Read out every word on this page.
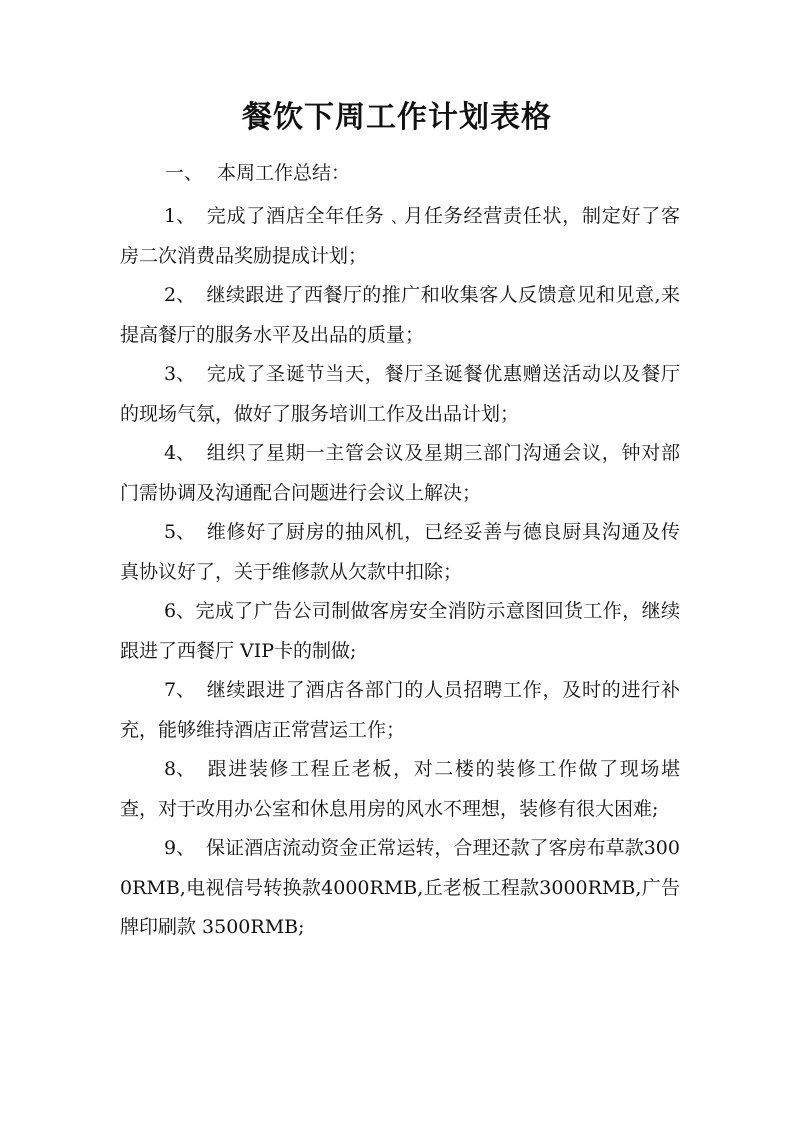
餐饮下周工作计划表格
一、 本周工作总结：

1、 完成了酒店全年任务﹑月任务经营责任状，制定好了客房二次消费品奖励提成计划；

2、 继续跟进了西餐厅的推广和收集客人反馈意见和见意,来提高餐厅的服务水平及出品的质量；

3、 完成了圣诞节当天，餐厅圣诞餐优惠赠送活动以及餐厅的现场气氛，做好了服务培训工作及出品计划；

4、 组织了星期一主管会议及星期三部门沟通会议，钟对部门需协调及沟通配合问题进行会议上解决；

5、 维修好了厨房的抽风机，已经妥善与德良厨具沟通及传真协议好了，关于维修款从欠款中扣除；

6、完成了广告公司制做客房安全消防示意图回货工作，继续跟进了西餐厅 VIP卡的制做;

7、 继续跟进了酒店各部门的人员招聘工作，及时的进行补充，能够维持酒店正常营运工作；

8、 跟进装修工程丘老板，对二楼的装修工作做了现场堪查，对于改用办公室和休息用房的风水不理想，装修有很大困难;

9、 保证酒店流动资金正常运转，合理还款了客房布草款3000RMB,电视信号转换款4000RMB,丘老板工程款3000RMB,广告牌印刷款 3500RMB;
